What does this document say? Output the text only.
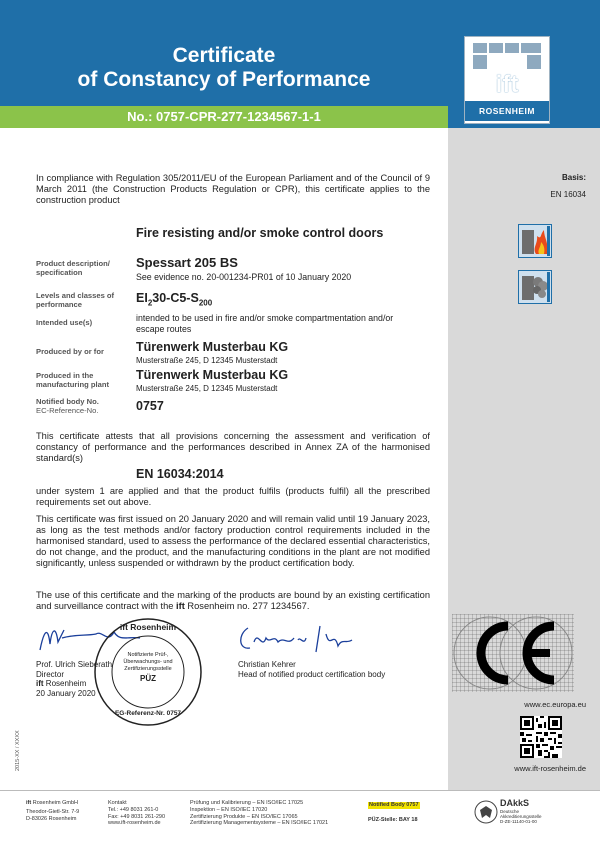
Certificate
of Constancy of Performance
No.: 0757-CPR-277-1234567-1-1
ift
ROSENHEIM
Basis:
EN 16034
In compliance with Regulation 305/2011/EU of the European Parliament and of the Council of 9 March 2011 (the Construction Products Regulation or CPR), this certificate applies to the construction product
Fire resisting and/or smoke control doors
Product description/ specification
Spessart 205 BS
See evidence no. 20-001234-PR01 of 10 January 2020
Levels and classes of performance	$EI_230-C5-S_{200}$
Intended use(s)	intended to be used in fire and/or smoke compartmentation and/or escape routes
Produced by or for	Türenwerk Musterbau KG
Musterstraße 245, D 12345 Musterstadt
Produced in the manufacturing plant
Türenwerk Musterbau KG
Musterstraße 245, D 12345 Musterstadt
Notified body No.
EC-Reference-No.	0757
This certificate attests that all provisions concerning the assessment and verification of constancy of performance and the performances described in Annex ZA of the harmonised standard(s)
EN 16034:2014
under system 1 are applied and that the product fulfils (products fulfil) all the prescribed requirements set out above.
This certificate was first issued on 20 January 2020 and will remain valid until 19 January 2023, as long as the test methods and/or factory production control requirements included in the harmonised standard, used to assess the performance of the declared essential characteristics, do not change, and the product, and the manufacturing conditions in the plant are not modified significantly, unless suspended or withdrawn by the product certification body.
The use of this certificate and the marking of the products are bound by an existing certification and surveillance contract with the ift Rosenheim no. 277 1234567.
ift Rosenheim
Notifizierte Prüf-,
Überwachungs- und
Zertifizierungsstelle
PÜZ
EG-Referenz-Nr. 0757
Prof. Ulrich Sieberath
Director
ift Rosenheim
20 January 2020
Christian Kehrer
Head of notified product certification body
www.ec.europa.eu
www.ift-rosenheim.de
2015-XX / XXXX
ift Rosenheim GmbH
Theodor-Gietl-Str. 7-9
D-83026 Rosenheim
Kontakt
Tel.: +49 8031 261-0
Fax: +49 8031 261-290
www.ift-rosenheim.de
Prüfung und Kalibrierung – EN ISO/IEC 17025
Inspektion – EN ISO/IEC 17020
Zertifizierung Produkte – EN ISO/IEC 17065
Zertifizierung Managementsysteme – EN ISO/IEC 17021
Notified Body 0757
PÜZ-Stelle: BAY 18
DAkkS
Deutsche
Akkreditierungsstelle
D-ZE-11140-01-00
